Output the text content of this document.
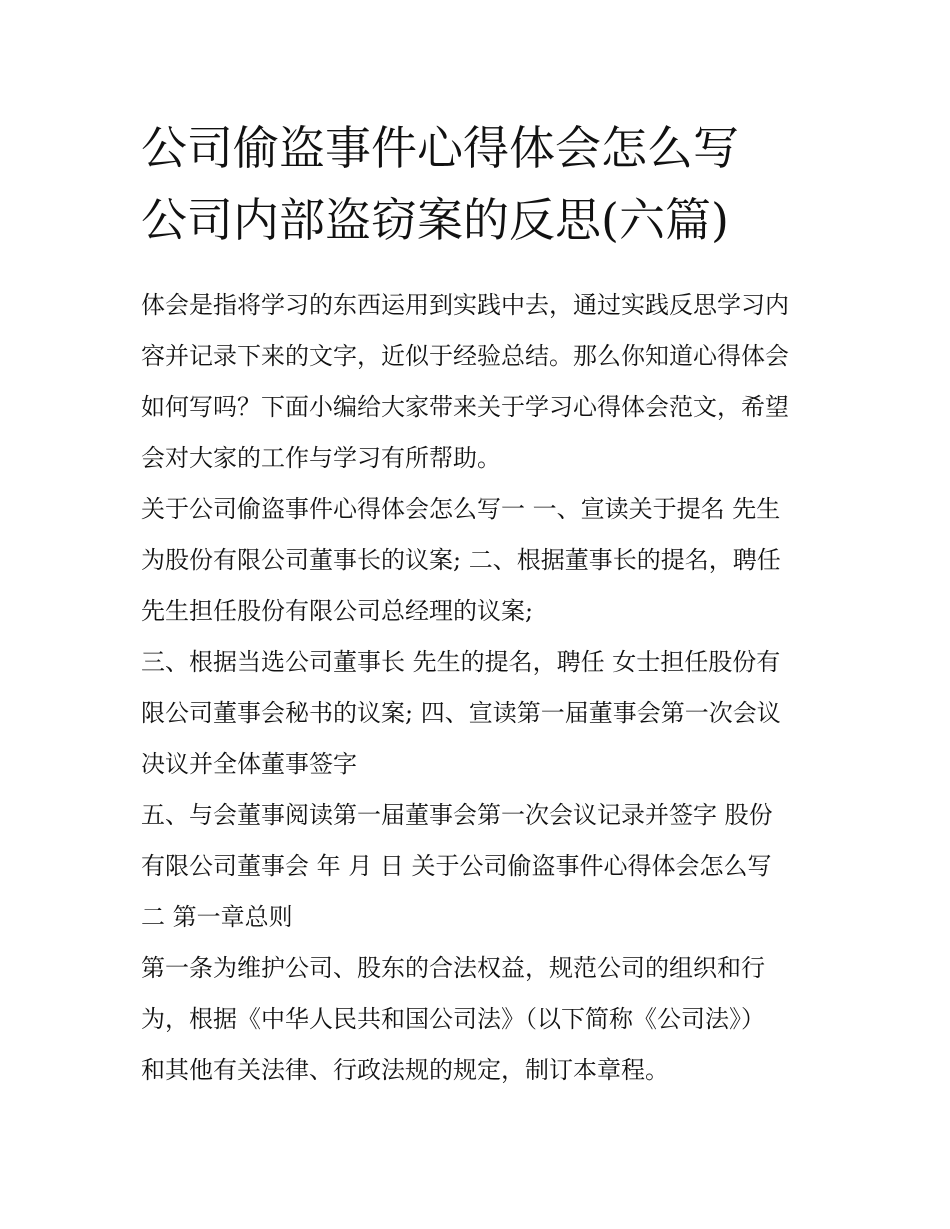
公司偷盗事件心得体会怎么写
公司内部盗窃案的反思(六篇)

体会是指将学习的东西运用到实践中去，通过实践反思学习内
容并记录下来的文字，近似于经验总结。那么你知道心得体会
如何写吗？下面小编给大家带来关于学习心得体会范文，希望
会对大家的工作与学习有所帮助。

关于公司偷盗事件心得体会怎么写一 一、宣读关于提名 先生
为股份有限公司董事长的议案; 二、根据董事长的提名，聘任
先生担任股份有限公司总经理的议案;

三、根据当选公司董事长 先生的提名，聘任 女士担任股份有
限公司董事会秘书的议案; 四、宣读第一届董事会第一次会议
决议并全体董事签字

五、与会董事阅读第一届董事会第一次会议记录并签字 股份
有限公司董事会 年 月 日 关于公司偷盗事件心得体会怎么写
二 第一章总则

第一条为维护公司、股东的合法权益，规范公司的组织和行
为，根据《中华人民共和国公司法》（以下简称《公司法》）
和其他有关法律、行政法规的规定，制订本章程。
